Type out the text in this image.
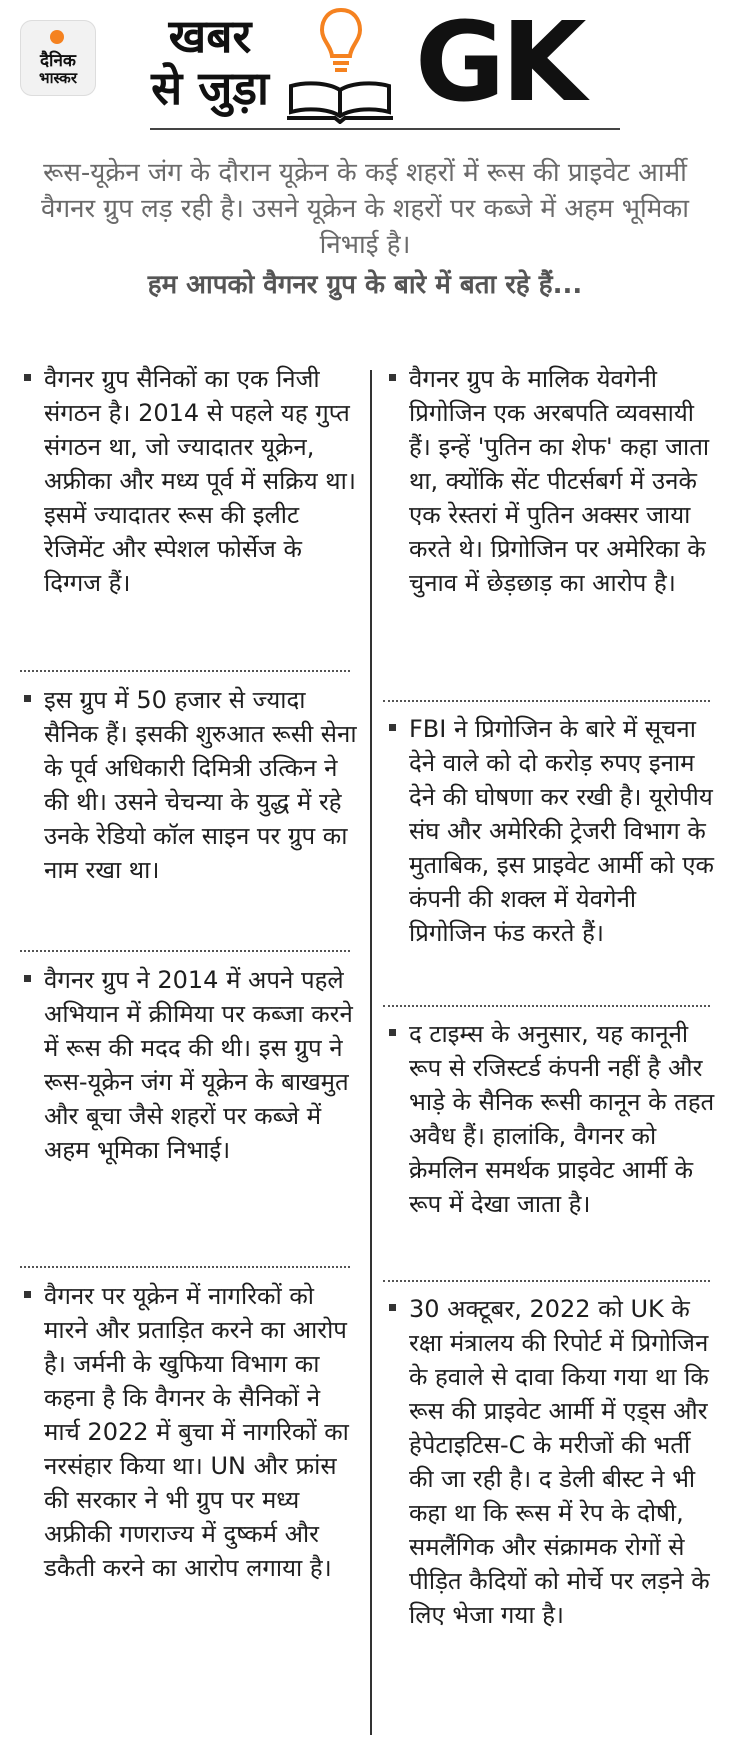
दैनिक
भास्कर
खबर
से जुड़ा GK
रूस-यूक्रेन जंग के दौरान यूक्रेन के कई शहरों में रूस की प्राइवेट आर्मी वैगनर ग्रुप लड़ रही है। उसने यूक्रेन के शहरों पर कब्जे में अहम भूमिका निभाई है।
हम आपको वैगनर ग्रुप के बारे में बता रहे हैं...
वैगनर ग्रुप सैनिकों का एक निजी संगठन है। 2014 से पहले यह गुप्त संगठन था, जो ज्यादातर यूक्रेन, अफ्रीका और मध्य पूर्व में सक्रिय था। इसमें ज्यादातर रूस की इलीट रेजिमेंट और स्पेशल फोर्सेज के दिग्गज हैं।
इस ग्रुप में 50 हजार से ज्यादा सैनिक हैं। इसकी शुरुआत रूसी सेना के पूर्व अधिकारी दिमित्री उत्किन ने की थी। उसने चेचन्या के युद्ध में रहे उनके रेडियो कॉल साइन पर ग्रुप का नाम रखा था।
वैगनर ग्रुप ने 2014 में अपने पहले अभियान में क्रीमिया पर कब्जा करने में रूस की मदद की थी। इस ग्रुप ने रूस-यूक्रेन जंग में यूक्रेन के बाखमुत और बूचा जैसे शहरों पर कब्जे में अहम भूमिका निभाई।
वैगनर पर यूक्रेन में नागरिकों को मारने और प्रताड़ित करने का आरोप है। जर्मनी के खुफिया विभाग का कहना है कि वैगनर के सैनिकों ने मार्च 2022 में बुचा में नागरिकों का नरसंहार किया था। UN और फ्रांस की सरकार ने भी ग्रुप पर मध्य अफ्रीकी गणराज्य में दुष्कर्म और डकैती करने का आरोप लगाया है।
वैगनर ग्रुप के मालिक येवगेनी प्रिगोजिन एक अरबपति व्यवसायी हैं। इन्हें 'पुतिन का शेफ' कहा जाता था, क्योंकि सेंट पीटर्सबर्ग में उनके एक रेस्तरां में पुतिन अक्सर जाया करते थे। प्रिगोजिन पर अमेरिका के चुनाव में छेड़छाड़ का आरोप है।
FBI ने प्रिगोजिन के बारे में सूचना देने वाले को दो करोड़ रुपए इनाम देने की घोषणा कर रखी है। यूरोपीय संघ और अमेरिकी ट्रेजरी विभाग के मुताबिक, इस प्राइवेट आर्मी को एक कंपनी की शक्ल में येवगेनी प्रिगोजिन फंड करते हैं।
द टाइम्स के अनुसार, यह कानूनी रूप से रजिस्टर्ड कंपनी नहीं है और भाड़े के सैनिक रूसी कानून के तहत अवैध हैं। हालांकि, वैगनर को क्रेमलिन समर्थक प्राइवेट आर्मी के रूप में देखा जाता है।
30 अक्टूबर, 2022 को UK के रक्षा मंत्रालय की रिपोर्ट में प्रिगोजिन के हवाले से दावा किया गया था कि रूस की प्राइवेट आर्मी में एड्स और हेपेटाइटिस-C के मरीजों की भर्ती की जा रही है। द डेली बीस्ट ने भी कहा था कि रूस में रेप के दोषी, समलैंगिक और संक्रामक रोगों से पीड़ित कैदियों को मोर्चे पर लड़ने के लिए भेजा गया है।
